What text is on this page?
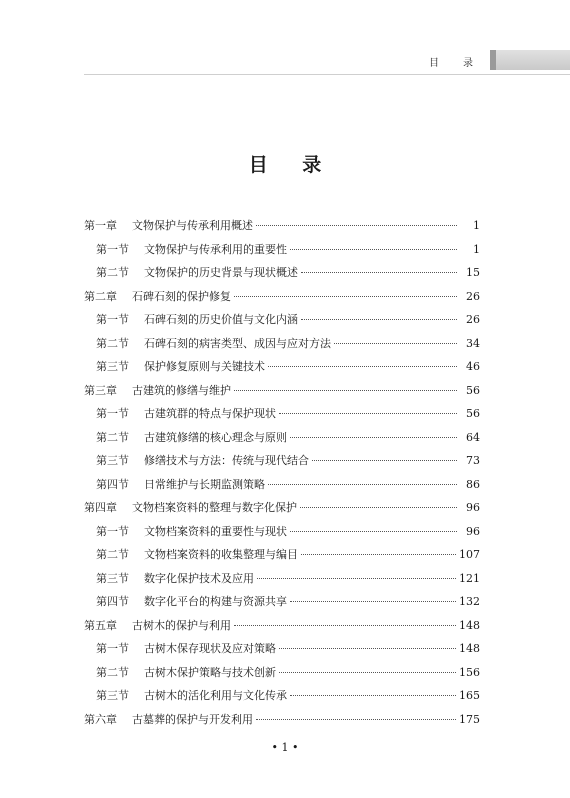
目　录
目 录
第一章	文物保护与传承利用概述	1
第一节	文物保护与传承利用的重要性	1
第二节	文物保护的历史背景与现状概述	15
第二章	石碑石刻的保护修复	26
第一节	石碑石刻的历史价值与文化内涵	26
第二节	石碑石刻的病害类型、成因与应对方法	34
第三节	保护修复原则与关键技术	46
第三章	古建筑的修缮与维护	56
第一节	古建筑群的特点与保护现状	56
第二节	古建筑修缮的核心理念与原则	64
第三节	修缮技术与方法：传统与现代结合	73
第四节	日常维护与长期监测策略	86
第四章	文物档案资料的整理与数字化保护	96
第一节	文物档案资料的重要性与现状	96
第二节	文物档案资料的收集整理与编目	107
第三节	数字化保护技术及应用	121
第四节	数字化平台的构建与资源共享	132
第五章	古树木的保护与利用	148
第一节	古树木保存现状及应对策略	148
第二节	古树木保护策略与技术创新	156
第三节	古树木的活化利用与文化传承	165
第六章	古墓葬的保护与开发利用	175
• 1 •
